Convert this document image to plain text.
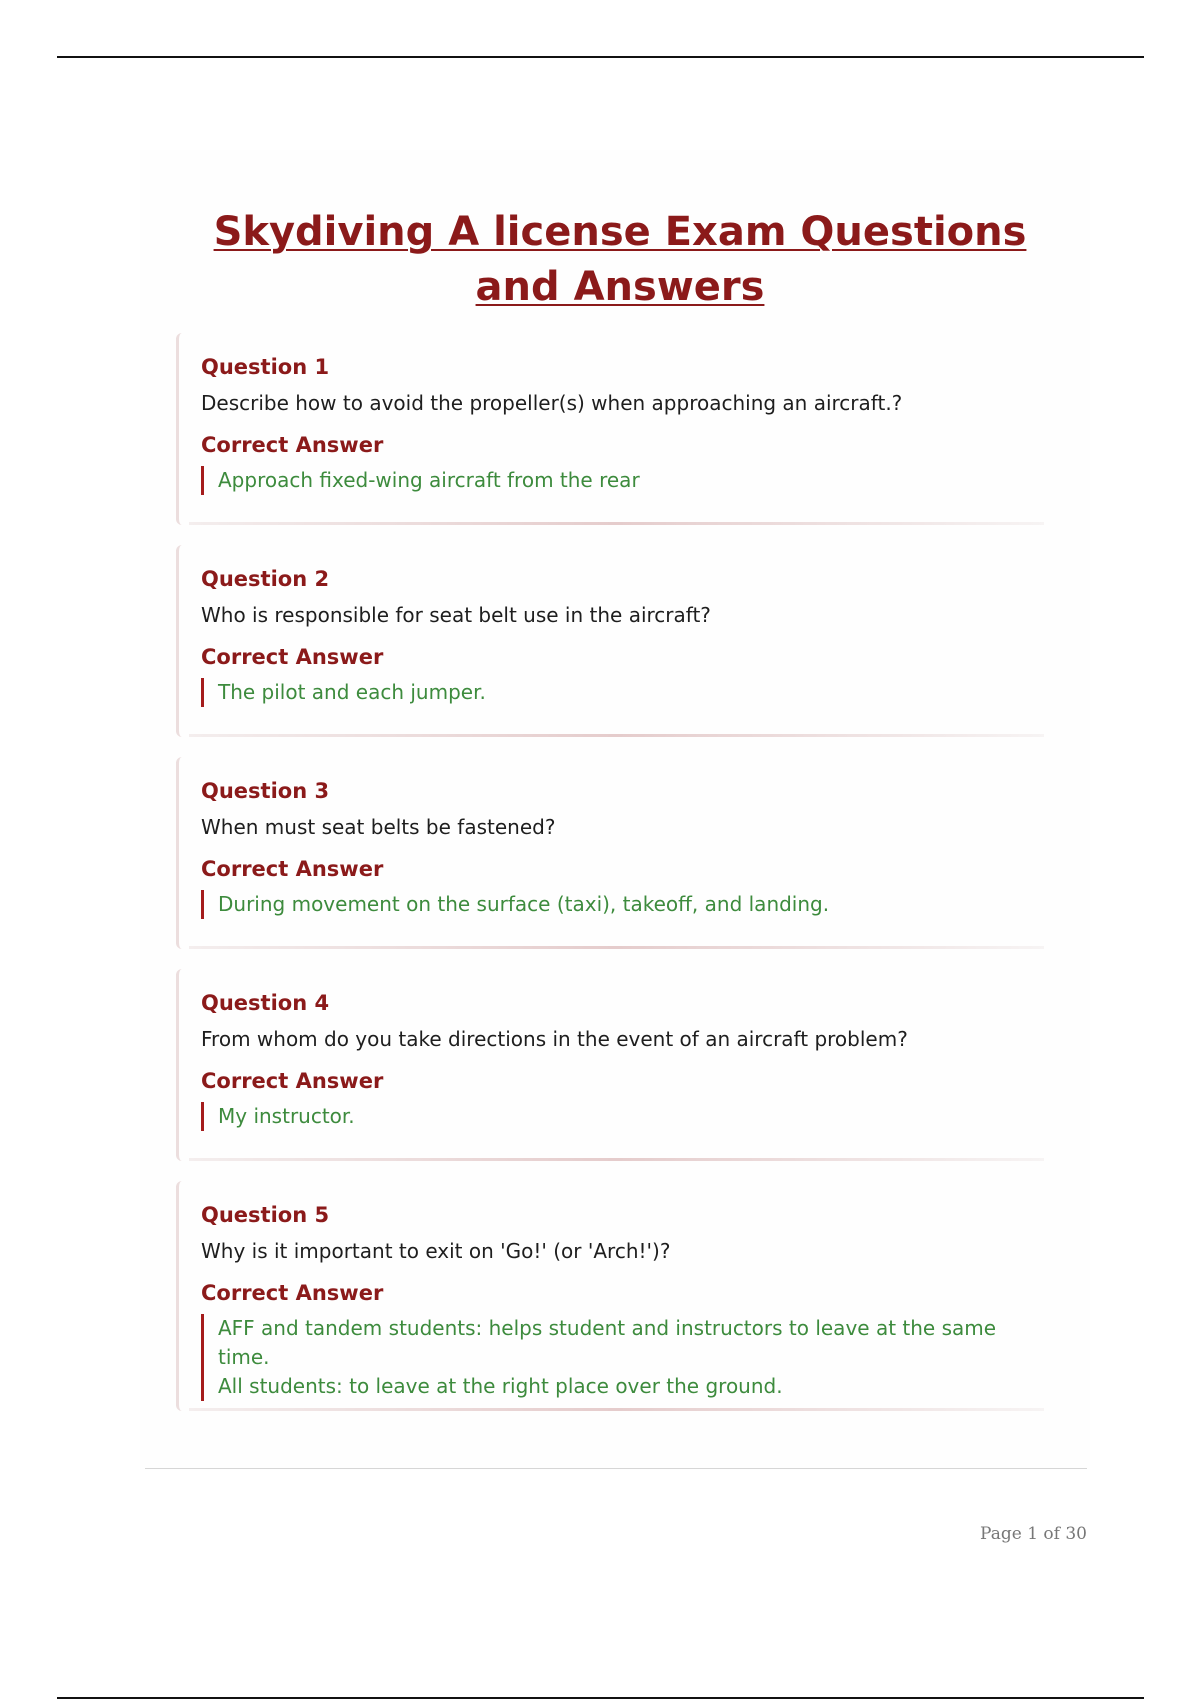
Skydiving A license Exam Questions and Answers
Question 1
Describe how to avoid the propeller(s) when approaching an aircraft.?
Correct Answer
Approach fixed-wing aircraft from the rear
Question 2
Who is responsible for seat belt use in the aircraft?
Correct Answer
The pilot and each jumper.
Question 3
When must seat belts be fastened?
Correct Answer
During movement on the surface (taxi), takeoff, and landing.
Question 4
From whom do you take directions in the event of an aircraft problem?
Correct Answer
My instructor.
Question 5
Why is it important to exit on 'Go!' (or 'Arch!')?
Correct Answer
AFF and tandem students: helps student and instructors to leave at the same time.
All students: to leave at the right place over the ground.
Page 1 of 30
